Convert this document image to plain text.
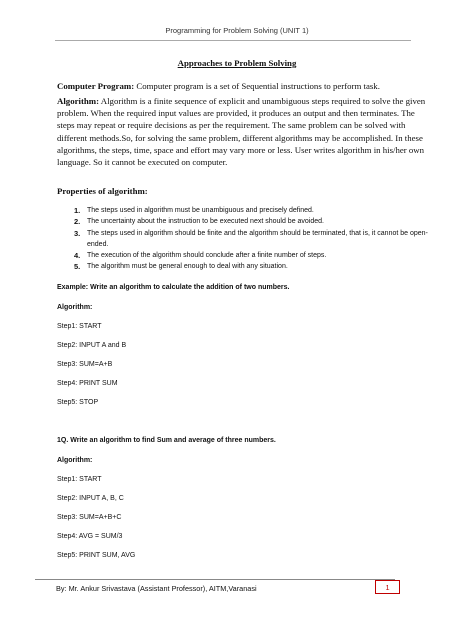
Programming for Problem Solving (UNIT 1)
Approaches to Problem Solving
Computer Program: Computer program is a set of Sequential instructions to perform task.
Algorithm: Algorithm is a finite sequence of explicit and unambiguous steps required to solve the given problem. When the required input values are provided, it produces an output and then terminates. The steps may repeat or require decisions as per the requirement. The same problem can be solved with different methods.So, for solving the same problem, different algorithms may be accomplished. In these algorithms, the steps, time, space and effort may vary more or less. User writes algorithm in his/her own language. So it cannot be executed on computer.
Properties of algorithm:
1. The steps used in algorithm must be unambiguous and precisely defined.
2. The uncertainty about the instruction to be executed next should be avoided.
3. The steps used in algorithm should be finite and the algorithm should be terminated, that is, it cannot be open-ended.
4. The execution of the algorithm should conclude after a finite number of steps.
5. The algorithm must be general enough to deal with any situation.
Example: Write an algorithm to calculate the addition of two numbers.
Algorithm:
Step1: START
Step2: INPUT A and B
Step3: SUM=A+B
Step4: PRINT SUM
Step5: STOP
1Q. Write an algorithm to find Sum and average of three numbers.
Algorithm:
Step1: START
Step2: INPUT A, B, C
Step3: SUM=A+B+C
Step4: AVG = SUM/3
Step5: PRINT SUM, AVG
By: Mr. Ankur Srivastava (Assistant Professor), AITM,Varanasi	1
